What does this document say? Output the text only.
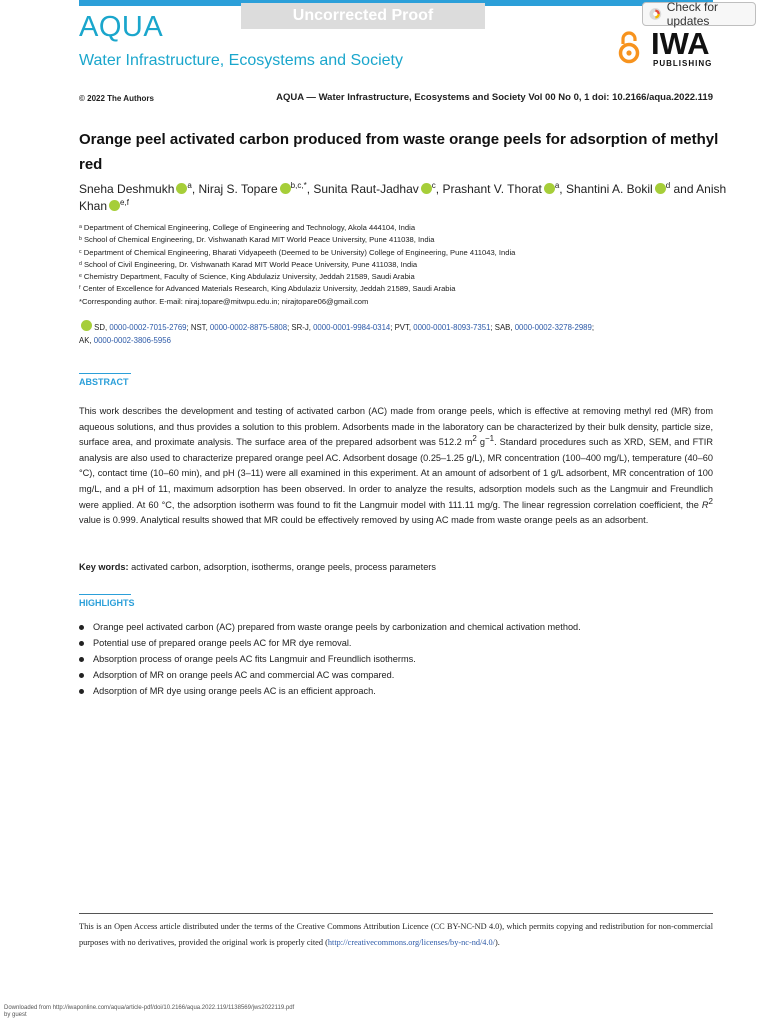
Uncorrected Proof	Check for updates
AQUA
Water Infrastructure, Ecosystems and Society	IWA
PUBLISHING
© 2022 The Authors	AQUA — Water Infrastructure, Ecosystems and Society Vol 00 No 0, 1 doi: 10.2166/aqua.2022.119
Orange peel activated carbon produced from waste orange peels for adsorption of methyl red
Sneha Deshmukh $^a$, Niraj S. Topare $^{b,c,*}$, Sunita Raut-Jadhav $^c$, Prashant V. Thorat $^a$, Shantini A. Bokil $^d$ and Anish Khan $^{e,f}$
ᵃ Department of Chemical Engineering, College of Engineering and Technology, Akola 444104, India
ᵇ School of Chemical Engineering, Dr. Vishwanath Karad MIT World Peace University, Pune 411038, India
ᶜ Department of Chemical Engineering, Bharati Vidyapeeth (Deemed to be University) College of Engineering, Pune 411043, India
ᵈ School of Civil Engineering, Dr. Vishwanath Karad MIT World Peace University, Pune 411038, India
ᵉ Chemistry Department, Faculty of Science, King Abdulaziz University, Jeddah 21589, Saudi Arabia
ᶠ Center of Excellence for Advanced Materials Research, King Abdulaziz University, Jeddah 21589, Saudi Arabia
*Corresponding author. E-mail: niraj.topare@mitwpu.edu.in; nirajtopare06@gmail.com
SD, 0000-0002-7015-2769; NST, 0000-0002-8875-5808; SR-J, 0000-0001-9984-0314; PVT, 0000-0001-8093-7351; SAB, 0000-0002-3278-2989;
AK, 0000-0002-3806-5956
ABSTRACT
This work describes the development and testing of activated carbon (AC) made from orange peels, which is effective at removing methyl red (MR) from aqueous solutions, and thus provides a solution to this problem. Adsorbents made in the laboratory can be characterized by their bulk density, particle size, surface area, and proximate analysis. The surface area of the prepared adsorbent was 512.2 $m^2$ $g^{-1}$. Standard procedures such as XRD, SEM, and FTIR analysis are also used to characterize prepared orange peel AC. Adsorbent dosage (0.25–1.25 g/L), MR concentration (100–400 mg/L), temperature (40–60 °C), contact time (10–60 min), and pH (3–11) were all examined in this experiment. At an amount of adsorbent of 1 g/L adsorbent, MR concentration of 100 mg/L, and a pH of 11, maximum adsorption has been observed. In order to analyze the results, adsorption models such as the Langmuir and Freundlich were applied. At 60 °C, the adsorption isotherm was found to fit the Langmuir model with 111.11 mg/g. The linear regression correlation coefficient, the $R^2$ value is 0.999. Analytical results showed that MR could be effectively removed by using AC made from waste orange peels as an adsorbent.
Key words: activated carbon, adsorption, isotherms, orange peels, process parameters
HIGHLIGHTS
Orange peel activated carbon (AC) prepared from waste orange peels by carbonization and chemical activation method.
Potential use of prepared orange peels AC for MR dye removal.
Absorption process of orange peels AC fits Langmuir and Freundlich isotherms.
Adsorption of MR on orange peels AC and commercial AC was compared.
Adsorption of MR dye using orange peels AC is an efficient approach.
This is an Open Access article distributed under the terms of the Creative Commons Attribution Licence (CC BY-NC-ND 4.0), which permits copying and redistribution for non-commercial purposes with no derivatives, provided the original work is properly cited (http://creativecommons.org/licenses/by-nc-nd/4.0/).
Downloaded from http://iwaponline.com/aqua/article-pdf/doi/10.2166/aqua.2022.119/1138569/jws2022119.pdf
by guest
